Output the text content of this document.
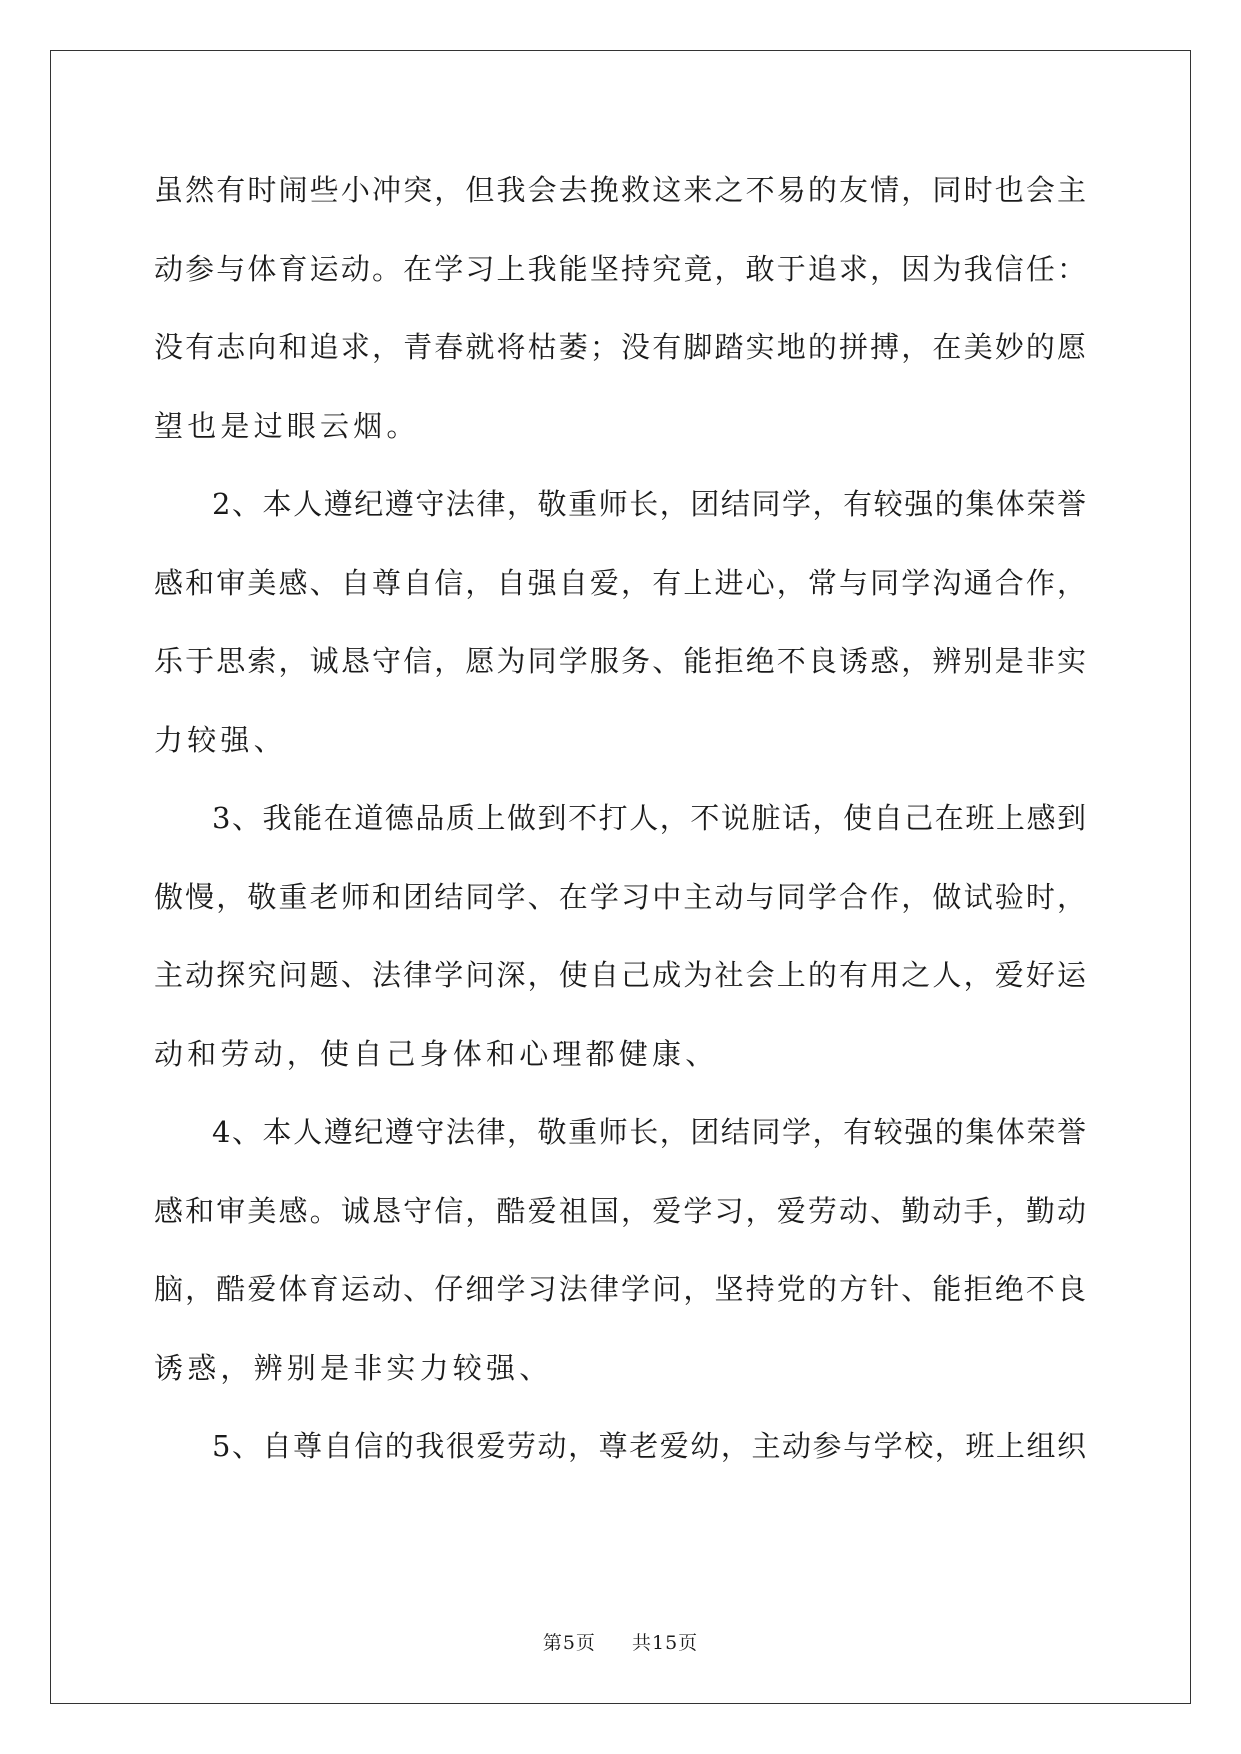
虽然有时闹些小冲突，但我会去挽救这来之不易的友情，同时也会主
动参与体育运动。在学习上我能坚持究竟，敢于追求，因为我信任：
没有志向和追求，青春就将枯萎；没有脚踏实地的拼搏，在美妙的愿
望也是过眼云烟。
2、本人遵纪遵守法律，敬重师长，团结同学，有较强的集体荣誉
感和审美感、自尊自信，自强自爱，有上进心，常与同学沟通合作，
乐于思索，诚恳守信，愿为同学服务、能拒绝不良诱惑，辨别是非实
力较强、
3、我能在道德品质上做到不打人，不说脏话，使自己在班上感到
傲慢，敬重老师和团结同学、在学习中主动与同学合作，做试验时，
主动探究问题、法律学问深，使自己成为社会上的有用之人，爱好运
动和劳动，使自己身体和心理都健康、
4、本人遵纪遵守法律，敬重师长，团结同学，有较强的集体荣誉
感和审美感。诚恳守信，酷爱祖国，爱学习，爱劳动、勤动手，勤动
脑，酷爱体育运动、仔细学习法律学问，坚持党的方针、能拒绝不良
诱惑，辨别是非实力较强、
5、自尊自信的我很爱劳动，尊老爱幼，主动参与学校，班上组织
第5页 共15页
